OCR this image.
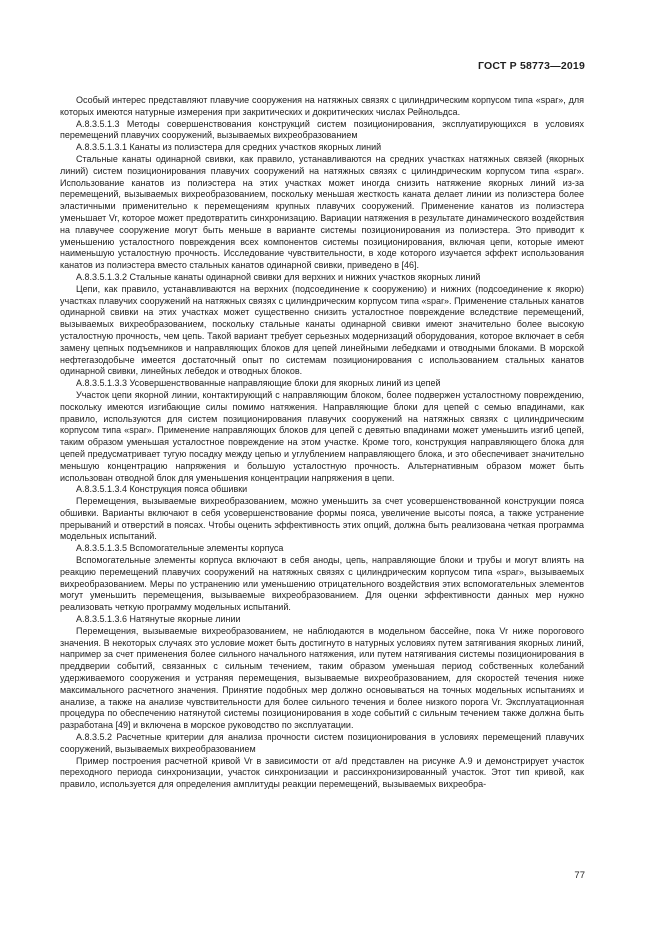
ГОСТ Р 58773—2019

Особый интерес представляют плавучие сооружения на натяжных связях с цилиндрическим корпусом типа «spar», для которых имеются натурные измерения при закритических и докритических числах Рейнольдса.

А.8.3.5.1.3 Методы совершенствования конструкций систем позиционирования, эксплуатирующихся в условиях перемещений плавучих сооружений, вызываемых вихреобразованием

А.8.3.5.1.3.1 Канаты из полиэстера для средних участков якорных линий

Стальные канаты одинарной свивки, как правило, устанавливаются на средних участках натяжных связей (якорных линий) систем позиционирования плавучих сооружений на натяжных связях с цилиндрическим корпусом типа «spar». Использование канатов из полиэстера на этих участках может иногда снизить натяжение якорных линий из-за перемещений, вызываемых вихреобразованием, поскольку меньшая жесткость каната делает линии из полиэстера более эластичными применительно к перемещениям крупных плавучих сооружений. Применение канатов из полиэстера уменьшает Vr, которое может предотвратить синхронизацию. Вариации натяжения в результате динамического воздействия на плавучее сооружение могут быть меньше в варианте системы позиционирования из полиэстера. Это приводит к уменьшению усталостного повреждения всех компонентов системы позиционирования, включая цепи, которые имеют наименьшую усталостную прочность. Исследование чувствительности, в ходе которого изучается эффект использования канатов из полиэстера вместо стальных канатов одинарной свивки, приведено в [46].

А.8.3.5.1.3.2 Стальные канаты одинарной свивки для верхних и нижних участков якорных линий

Цепи, как правило, устанавливаются на верхних (подсоединение к сооружению) и нижних (подсоединение к якорю) участках плавучих сооружений на натяжных связях с цилиндрическим корпусом типа «spar». Применение стальных канатов одинарной свивки на этих участках может существенно снизить усталостное повреждение вследствие перемещений, вызываемых вихреобразованием, поскольку стальные канаты одинарной свивки имеют значительно более высокую усталостную прочность, чем цепь. Такой вариант требует серьезных модернизаций оборудования, которое включает в себя замену цепных подъемников и направляющих блоков для цепей линейными лебедками и отводными блоками. В морской нефтегазодобыче имеется достаточный опыт по системам позиционирования с использованием стальных канатов одинарной свивки, линейных лебедок и отводных блоков.

А.8.3.5.1.3.3 Усовершенствованные направляющие блоки для якорных линий из цепей

Участок цепи якорной линии, контактирующий с направляющим блоком, более подвержен усталостному повреждению, поскольку имеются изгибающие силы помимо натяжения. Направляющие блоки для цепей с семью впадинами, как правило, используются для систем позиционирования плавучих сооружений на натяжных связях с цилиндрическим корпусом типа «spar». Применение направляющих блоков для цепей с девятью впадинами может уменьшить изгиб цепей, таким образом уменьшая усталостное повреждение на этом участке. Кроме того, конструкция направляющего блока для цепей предусматривает тугую посадку между цепью и углублением направляющего блока, и это обеспечивает значительно меньшую концентрацию напряжения и большую усталостную прочность. Альтернативным образом может быть использован отводной блок для уменьшения концентрации напряжения в цепи.

А.8.3.5.1.3.4 Конструкция пояса обшивки

Перемещения, вызываемые вихреобразованием, можно уменьшить за счет усовершенствованной конструкции пояса обшивки. Варианты включают в себя усовершенствование формы пояса, увеличение высоты пояса, а также устранение прерываний и отверстий в поясах. Чтобы оценить эффективность этих опций, должна быть реализована четкая программа модельных испытаний.

А.8.3.5.1.3.5 Вспомогательные элементы корпуса

Вспомогательные элементы корпуса включают в себя аноды, цепь, направляющие блоки и трубы и могут влиять на реакцию перемещений плавучих сооружений на натяжных связях с цилиндрическим корпусом типа «spar», вызываемых вихреобразованием. Меры по устранению или уменьшению отрицательного воздействия этих вспомогательных элементов могут уменьшить перемещения, вызываемые вихреобразованием. Для оценки эффективности данных мер нужно реализовать четкую программу модельных испытаний.

А.8.3.5.1.3.6 Натянутые якорные линии

Перемещения, вызываемые вихреобразованием, не наблюдаются в модельном бассейне, пока Vr ниже порогового значения. В некоторых случаях это условие может быть достигнуто в натурных условиях путем затягивания якорных линий, например за счет применения более сильного начального натяжения, или путем натягивания системы позиционирования в преддверии событий, связанных с сильным течением, таким образом уменьшая период собственных колебаний удерживаемого сооружения и устраняя перемещения, вызываемые вихреобразованием, для скоростей течения ниже максимального расчетного значения. Принятие подобных мер должно основываться на точных модельных испытаниях и анализе, а также на анализе чувствительности для более сильного течения и более низкого порога Vr. Эксплуатационная процедура по обеспечению натянутой системы позиционирования в ходе событий с сильным течением также должна быть разработана [49] и включена в морское руководство по эксплуатации.

А.8.3.5.2 Расчетные критерии для анализа прочности систем позиционирования в условиях перемещений плавучих сооружений, вызываемых вихреобразованием

Пример построения расчетной кривой Vr в зависимости от a/d представлен на рисунке А.9 и демонстрирует участок переходного периода синхронизации, участок синхронизации и рассинхронизированный участок. Этот тип кривой, как правило, используется для определения амплитуды реакции перемещений, вызываемых вихреобра-

77
